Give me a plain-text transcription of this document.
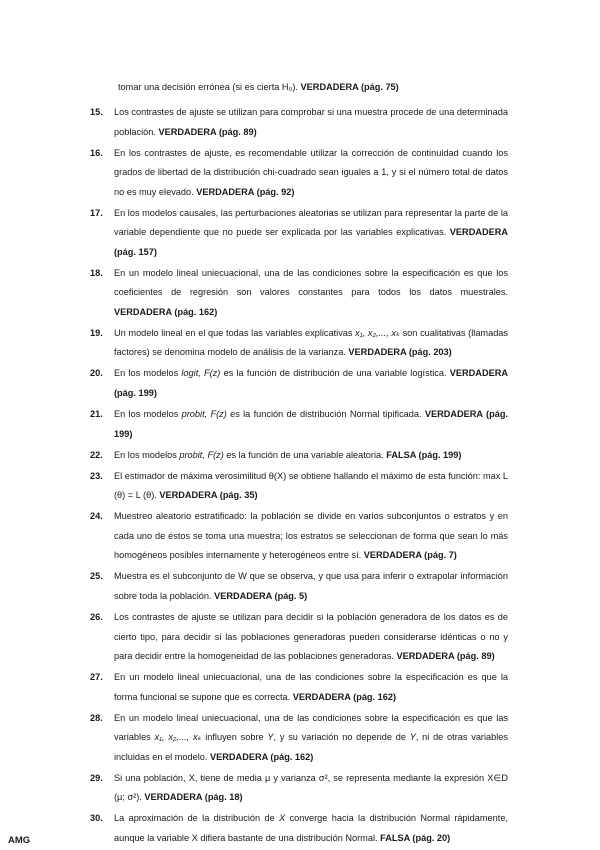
tomar una decisión errónea (si es cierta H₀). VERDADERA (pág. 75)
15. Los contrastes de ajuste se utilizan para comprobar si una muestra procede de una determinada población. VERDADERA (pág. 89)
16. En los contrastes de ajuste, es recomendable utilizar la corrección de continuidad cuando los grados de libertad de la distribución chi-cuadrado sean iguales a 1, y si el número total de datos no es muy elevado. VERDADERA (pág. 92)
17. En los modelos causales, las perturbaciones aleatorias se utilizan para representar la parte de la variable dependiente que no puede ser explicada por las variables explicativas. VERDADERA (pág. 157)
18. En un modelo lineal uniecuacional, una de las condiciones sobre la especificación es que los coeficientes de regresión son valores constantes para todos los datos muestrales. VERDADERA (pág. 162)
19. Un modelo lineal en el que todas las variables explicativas x₁, x₂,..., xₖ son cualitativas (llamadas factores) se denomina modelo de análisis de la varianza. VERDADERA (pág. 203)
20. En los modelos logit, F(z) es la función de distribución de una variable logística. VERDADERA (pág. 199)
21. En los modelos probit, F(z) es la función de distribución Normal tipificada. VERDADERA (pág. 199)
22. En los modelos probit, F(z) es la función de una variable aleatoria. FALSA (pág. 199)
23. El estimador de máxima verosimilitud θ(X) se obtiene hallando el máximo de esta función: max L (θ) = L (θ). VERDADERA (pág. 35)
24. Muestreo aleatorio estratificado: la población se divide en varios subconjuntos o estratos y en cada uno de éstos se toma una muestra; los estratos se seleccionan de forma que sean lo más homogéneos posibles internamente y heterogéneos entre sí. VERDADERA (pág. 7)
25. Muestra es el subconjunto de W que se observa, y que usa para inferir o extrapolar información sobre toda la población. VERDADERA (pág. 5)
26. Los contrastes de ajuste se utilizan para decidir si la población generadora de los datos es de cierto tipo, para decidir si las poblaciones generadoras pueden considerarse idénticas o no y para decidir entre la homogeneidad de las poblaciones generadoras. VERDADERA (pág. 89)
27. En un modelo lineal uniecuacional, una de las condiciones sobre la especificación es que la forma funcional se supone que es correcta. VERDADERA (pág. 162)
28. En un modelo lineal uniecuacional, una de las condiciones sobre la especificación es que las variables x₁, x₂,..., xₖ influyen sobre Y, y su variación no depende de Y, ni de otras variables incluidas en el modelo. VERDADERA (pág. 162)
29. Si una población, X, tiene de media μ y varianza σ², se representa mediante la expresión X∈D (μ; σ²). VERDADERA (pág. 18)
30. La aproximación de la distribución de X converge hacia la distribución Normal rápidamente, aunque la variable X difiera bastante de una distribución Normal. FALSA (pág. 20)
AMG
